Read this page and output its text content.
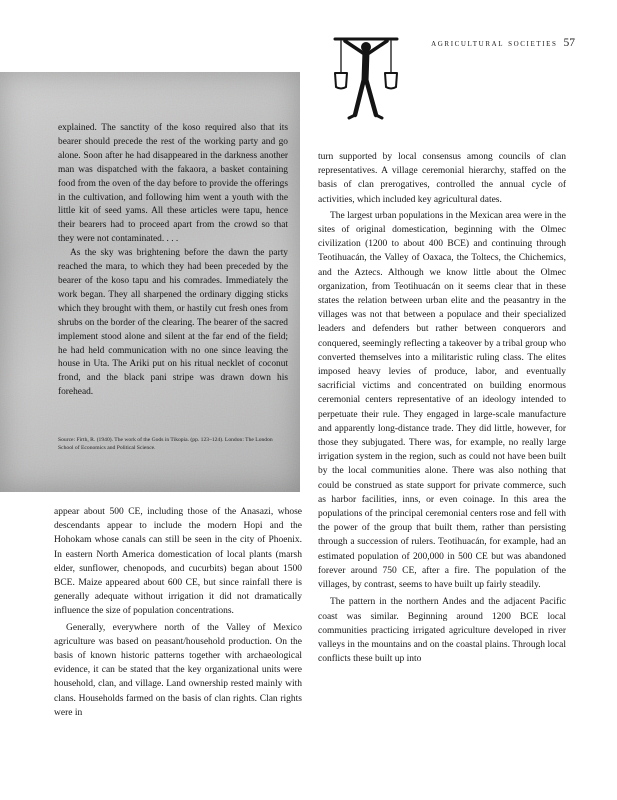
agricultural societies 57

explained. The sanctity of the koso required also that its bearer should precede the rest of the working party and go alone. Soon after he had disappeared in the darkness another man was dispatched with the fakaora, a basket containing food from the oven of the day before to provide the offerings in the cultivation, and following him went a youth with the little kit of seed yams. All these articles were tapu, hence their bearers had to proceed apart from the crowd so that they were not contaminated. . . .

As the sky was brightening before the dawn the party reached the mara, to which they had been preceded by the bearer of the koso tapu and his comrades. Immediately the work began. They all sharpened the ordinary digging sticks which they brought with them, or hastily cut fresh ones from shrubs on the border of the clearing. The bearer of the sacred implement stood alone and silent at the far end of the field; he had held communication with no one since leaving the house in Uta. The Ariki put on his ritual necklet of coconut frond, and the black pani stripe was drawn down his forehead.

Source: Firth, R. (1940). The work of the Gods in Tikopia. (pp. 123–124). London: The London School of Economics and Political Science.

turn supported by local consensus among councils of clan representatives. A village ceremonial hierarchy, staffed on the basis of clan prerogatives, controlled the annual cycle of activities, which included key agricultural dates.

The largest urban populations in the Mexican area were in the sites of original domestication, beginning with the Olmec civilization (1200 to about 400 BCE) and continuing through Teotihuacán, the Valley of Oaxaca, the Toltecs, the Chichemics, and the Aztecs. Although we know little about the Olmec organization, from Teotihuacán on it seems clear that in these states the relation between urban elite and the peasantry in the villages was not that between a populace and their specialized leaders and defenders but rather between conquerors and conquered, seemingly reflecting a takeover by a tribal group who converted themselves into a militaristic ruling class. The elites imposed heavy levies of produce, labor, and eventually sacrificial victims and concentrated on building enormous ceremonial centers representative of an ideology intended to perpetuate their rule. They engaged in large-scale manufacture and apparently long-distance trade. They did little, however, for those they subjugated. There was, for example, no really large irrigation system in the region, such as could not have been built by the local communities alone. There was also nothing that could be construed as state support for private commerce, such as harbor facilities, inns, or even coinage. In this area the populations of the principal ceremonial centers rose and fell with the power of the group that built them, rather than persisting through a succession of rulers. Teotihuacán, for example, had an estimated population of 200,000 in 500 CE but was abandoned forever around 750 CE, after a fire. The population of the villages, by contrast, seems to have built up fairly steadily.

The pattern in the northern Andes and the adjacent Pacific coast was similar. Beginning around 1200 BCE local communities practicing irrigated agriculture developed in river valleys in the mountains and on the coastal plains. Through local conflicts these built up into

appear about 500 CE, including those of the Anasazi, whose descendants appear to include the modern Hopi and the Hohokam whose canals can still be seen in the city of Phoenix. In eastern North America domestication of local plants (marsh elder, sunflower, chenopods, and cucurbits) began about 1500 BCE. Maize appeared about 600 CE, but since rainfall there is generally adequate without irrigation it did not dramatically influence the size of population concentrations.

Generally, everywhere north of the Valley of Mexico agriculture was based on peasant/household production. On the basis of known historic patterns together with archaeological evidence, it can be stated that the key organizational units were household, clan, and village. Land ownership rested mainly with clans. Households farmed on the basis of clan rights. Clan rights were in
